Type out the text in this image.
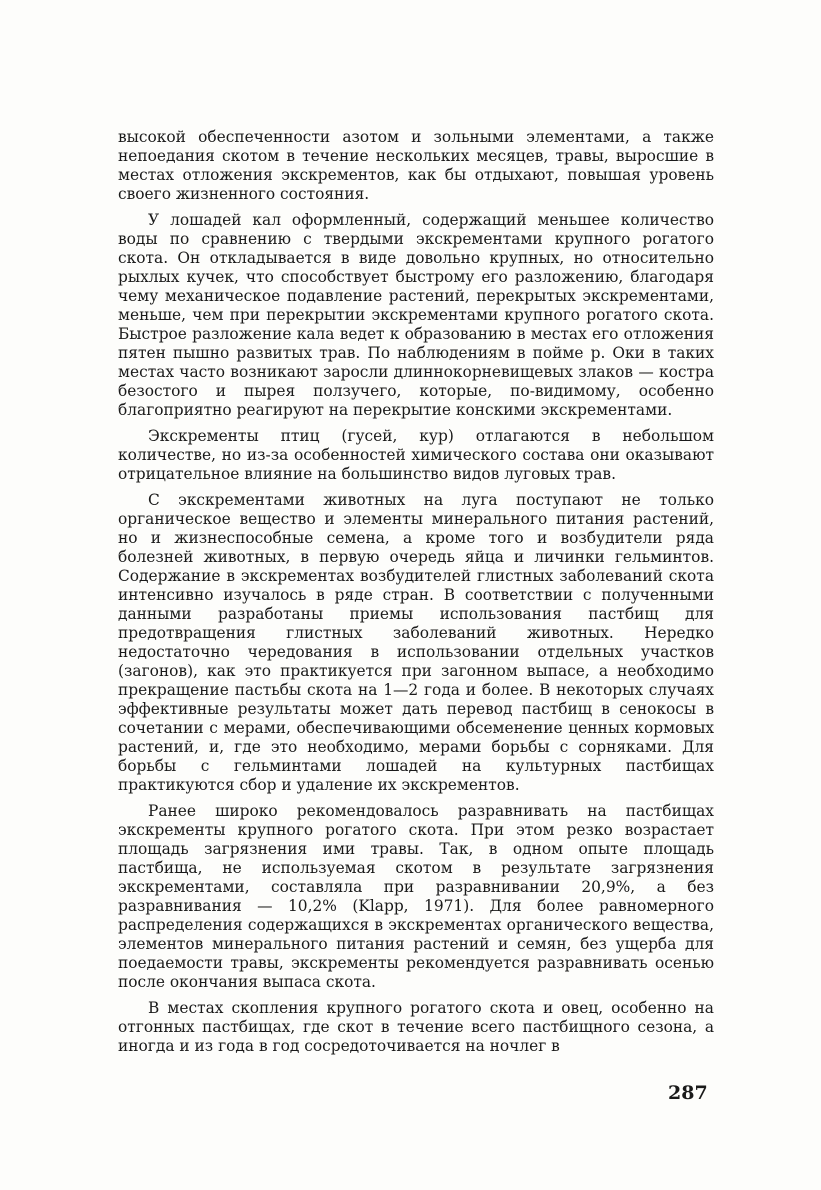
высокой обеспеченности азотом и зольными элементами, а также непоедания скотом в течение нескольких месяцев, травы, выросшие в местах отложения экскрементов, как бы отдыхают, повышая уровень своего жизненного состояния.

У лошадей кал оформленный, содержащий меньшее количество воды по сравнению с твердыми экскрементами крупного рогатого скота. Он откладывается в виде довольно крупных, но относительно рыхлых кучек, что способствует быстрому его разложению, благодаря чему механическое подавление растений, перекрытых экскрементами, меньше, чем при перекрытии экскрементами крупного рогатого скота. Быстрое разложение кала ведет к образованию в местах его отложения пятен пышно развитых трав. По наблюдениям в пойме р. Оки в таких местах часто возникают заросли длиннокорневищевых злаков — костра безостого и пырея ползучего, которые, по-видимому, особенно благоприятно реагируют на перекрытие конскими экскрементами.

Экскременты птиц (гусей, кур) отлагаются в небольшом количестве, но из-за особенностей химического состава они оказывают отрицательное влияние на большинство видов луговых трав.

С экскрементами животных на луга поступают не только органическое вещество и элементы минерального питания растений, но и жизнеспособные семена, а кроме того и возбудители ряда болезней животных, в первую очередь яйца и личинки гельминтов. Содержание в экскрементах возбудителей глистных заболеваний скота интенсивно изучалось в ряде стран. В соответствии с полученными данными разработаны приемы использования пастбищ для предотвращения глистных заболеваний животных. Нередко недостаточно чередования в использовании отдельных участков (загонов), как это практикуется при загонном выпасе, а необходимо прекращение пастьбы скота на 1—2 года и более. В некоторых случаях эффективные результаты может дать перевод пастбищ в сенокосы в сочетании с мерами, обеспечивающими обсеменение ценных кормовых растений, и, где это необходимо, мерами борьбы с сорняками. Для борьбы с гельминтами лошадей на культурных пастбищах практикуются сбор и удаление их экскрементов.

Ранее широко рекомендовалось разравнивать на пастбищах экскременты крупного рогатого скота. При этом резко возрастает площадь загрязнения ими травы. Так, в одном опыте площадь пастбища, не используемая скотом в результате загрязнения экскрементами, составляла при разравнивании 20,9%, а без разравнивания — 10,2% (Klapp, 1971). Для более равномерного распределения содержащихся в экскрементах органического вещества, элементов минерального питания растений и семян, без ущерба для поедаемости травы, экскременты рекомендуется разравнивать осенью после окончания выпаса скота.

В местах скопления крупного рогатого скота и овец, особенно на отгонных пастбищах, где скот в течение всего пастбищного сезона, а иногда и из года в год сосредоточивается на ночлег в

287
